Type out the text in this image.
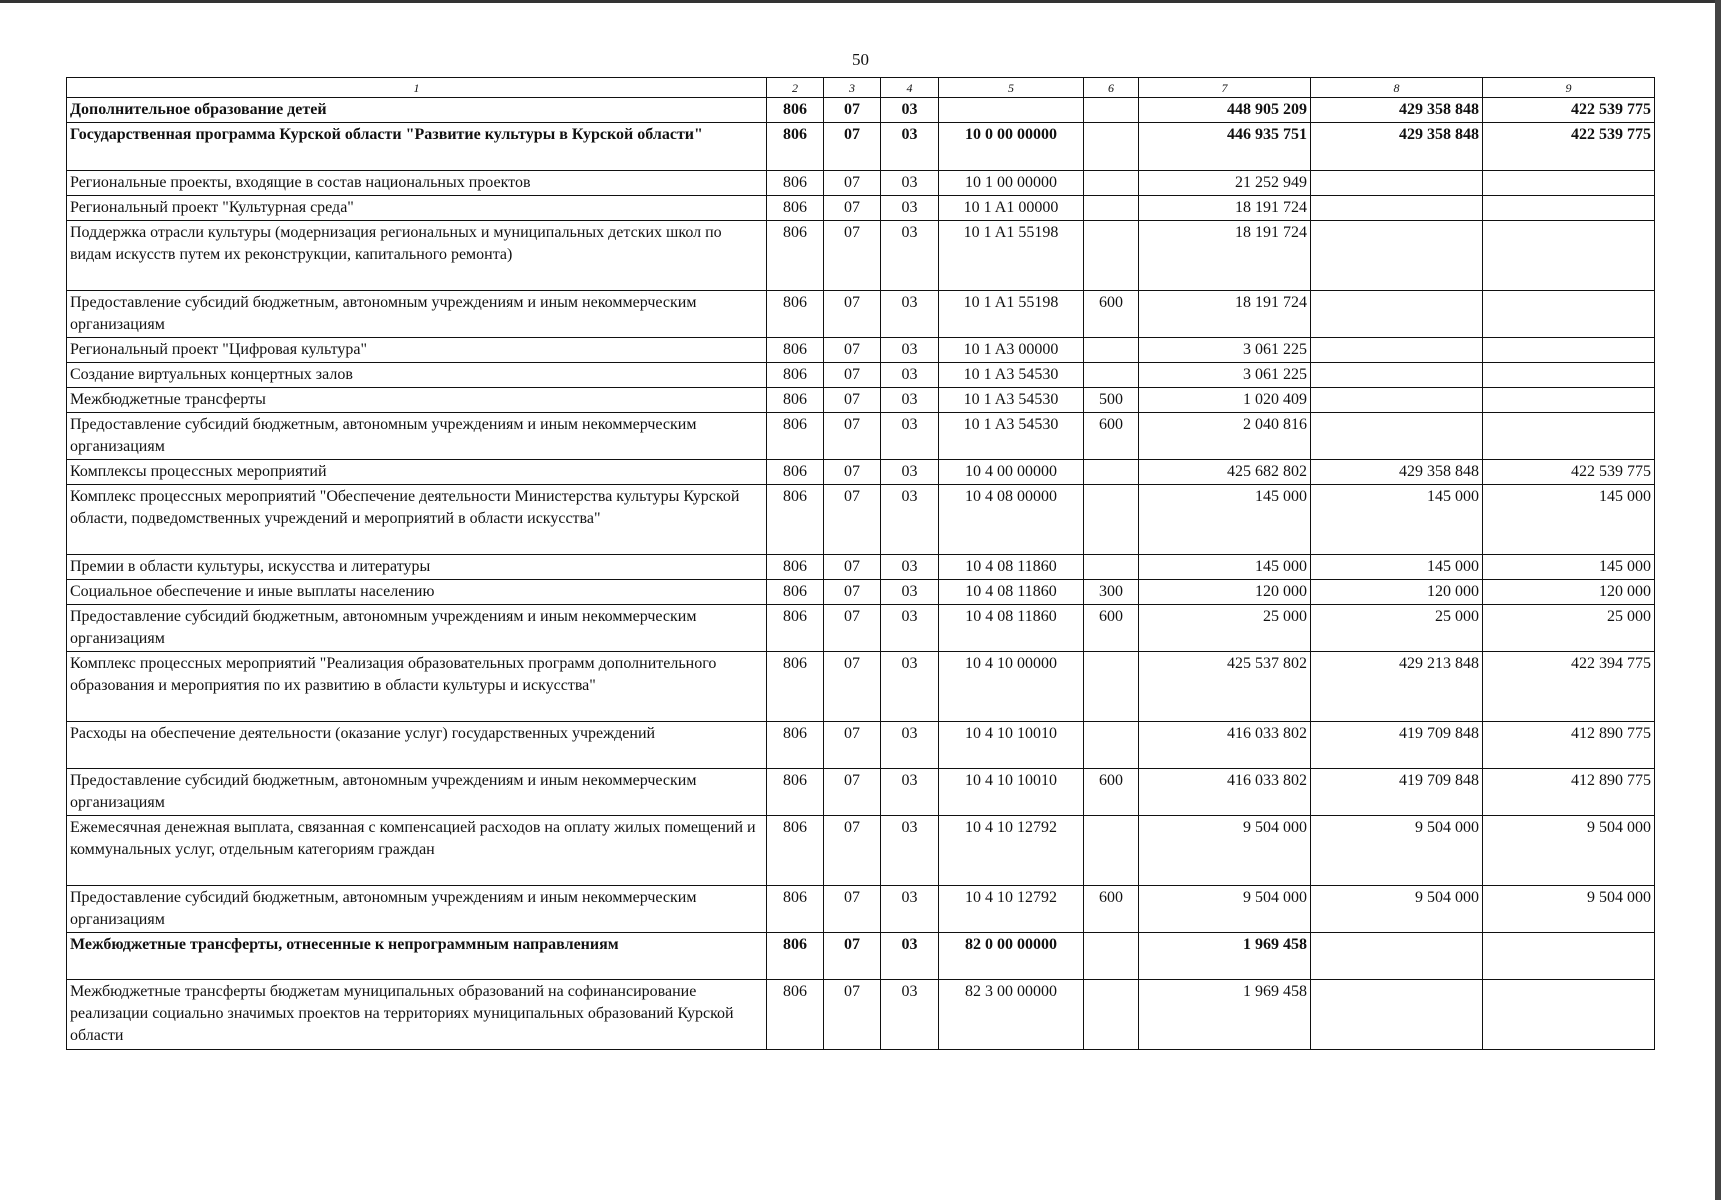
50
1	2	3	4	5	6	7	8	9
Дополнительное образование детей	806	07	03			448 905 209	429 358 848	422 539 775
Государственная программа Курской области "Развитие культуры в Курской области"	806	07	03	10 0 00 00000		446 935 751	429 358 848	422 539 775
Региональные проекты, входящие в состав национальных проектов	806	07	03	10 1 00 00000		21 252 949		
Региональный проект "Культурная среда"	806	07	03	10 1 A1 00000		18 191 724		
Поддержка отрасли культуры (модернизация региональных и муниципальных детских школ по видам искусств путем их реконструкции, капитального ремонта)	806	07	03	10 1 A1 55198		18 191 724		
Предоставление субсидий бюджетным, автономным учреждениям и иным некоммерческим организациям	806	07	03	10 1 A1 55198	600	18 191 724		
Региональный проект "Цифровая культура"	806	07	03	10 1 A3 00000		3 061 225		
Создание виртуальных концертных залов	806	07	03	10 1 A3 54530		3 061 225		
Межбюджетные трансферты	806	07	03	10 1 A3 54530	500	1 020 409		
Предоставление субсидий бюджетным, автономным учреждениям и иным некоммерческим организациям	806	07	03	10 1 A3 54530	600	2 040 816		
Комплексы процессных мероприятий	806	07	03	10 4 00 00000		425 682 802	429 358 848	422 539 775
Комплекс процессных мероприятий "Обеспечение деятельности Министерства культуры Курской области, подведомственных учреждений и мероприятий в области искусства"	806	07	03	10 4 08 00000		145 000	145 000	145 000
Премии в области культуры, искусства и литературы	806	07	03	10 4 08 11860		145 000	145 000	145 000
Социальное обеспечение и иные выплаты населению	806	07	03	10 4 08 11860	300	120 000	120 000	120 000
Предоставление субсидий бюджетным, автономным учреждениям и иным некоммерческим организациям	806	07	03	10 4 08 11860	600	25 000	25 000	25 000
Комплекс процессных мероприятий "Реализация образовательных программ дополнительного образования и мероприятия по их развитию в области культуры и искусства"	806	07	03	10 4 10 00000		425 537 802	429 213 848	422 394 775
Расходы на обеспечение деятельности (оказание услуг) государственных учреждений	806	07	03	10 4 10 10010		416 033 802	419 709 848	412 890 775
Предоставление субсидий бюджетным, автономным учреждениям и иным некоммерческим организациям	806	07	03	10 4 10 10010	600	416 033 802	419 709 848	412 890 775
Ежемесячная денежная выплата, связанная с компенсацией расходов на оплату жилых помещений и коммунальных услуг, отдельным категориям граждан	806	07	03	10 4 10 12792		9 504 000	9 504 000	9 504 000
Предоставление субсидий бюджетным, автономным учреждениям и иным некоммерческим организациям	806	07	03	10 4 10 12792	600	9 504 000	9 504 000	9 504 000
Межбюджетные трансферты, отнесенные к непрограммным направлениям	806	07	03	82 0 00 00000		1 969 458		
Межбюджетные трансферты бюджетам муниципальных образований на софинансирование реализации социально значимых проектов на территориях муниципальных образований Курской области	806	07	03	82 3 00 00000		1 969 458		
